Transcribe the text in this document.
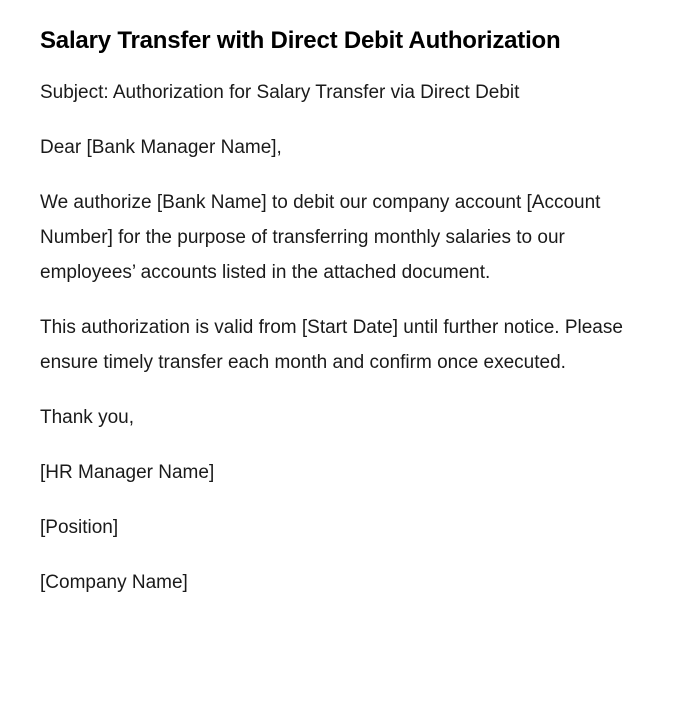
Salary Transfer with Direct Debit Authorization

Subject: Authorization for Salary Transfer via Direct Debit

Dear [Bank Manager Name],

We authorize [Bank Name] to debit our company account [Account Number] for the purpose of transferring monthly salaries to our employees’ accounts listed in the attached document.

This authorization is valid from [Start Date] until further notice. Please ensure timely transfer each month and confirm once executed.

Thank you,

[HR Manager Name]

[Position]

[Company Name]
